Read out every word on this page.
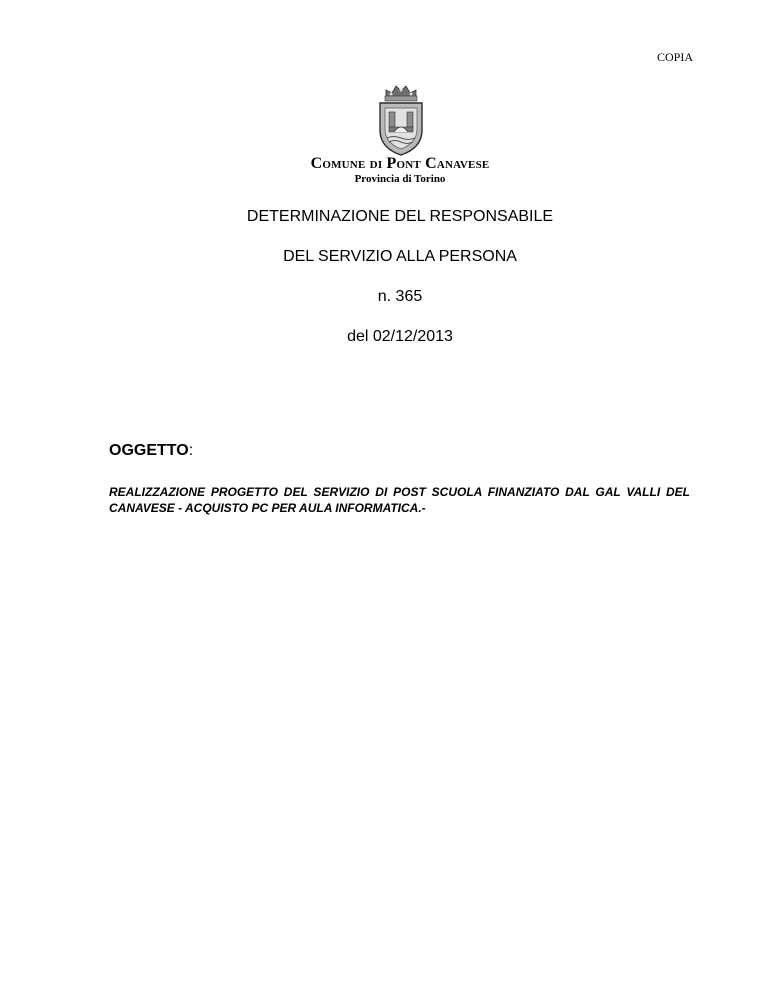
COPIA
Comune di Pont Canavese
Provincia di Torino
DETERMINAZIONE DEL RESPONSABILE
DEL SERVIZIO ALLA PERSONA
n. 365
del 02/12/2013
OGGETTO:
REALIZZAZIONE PROGETTO DEL SERVIZIO DI POST SCUOLA FINANZIATO DAL GAL VALLI DEL CANAVESE - ACQUISTO PC PER AULA INFORMATICA.-
